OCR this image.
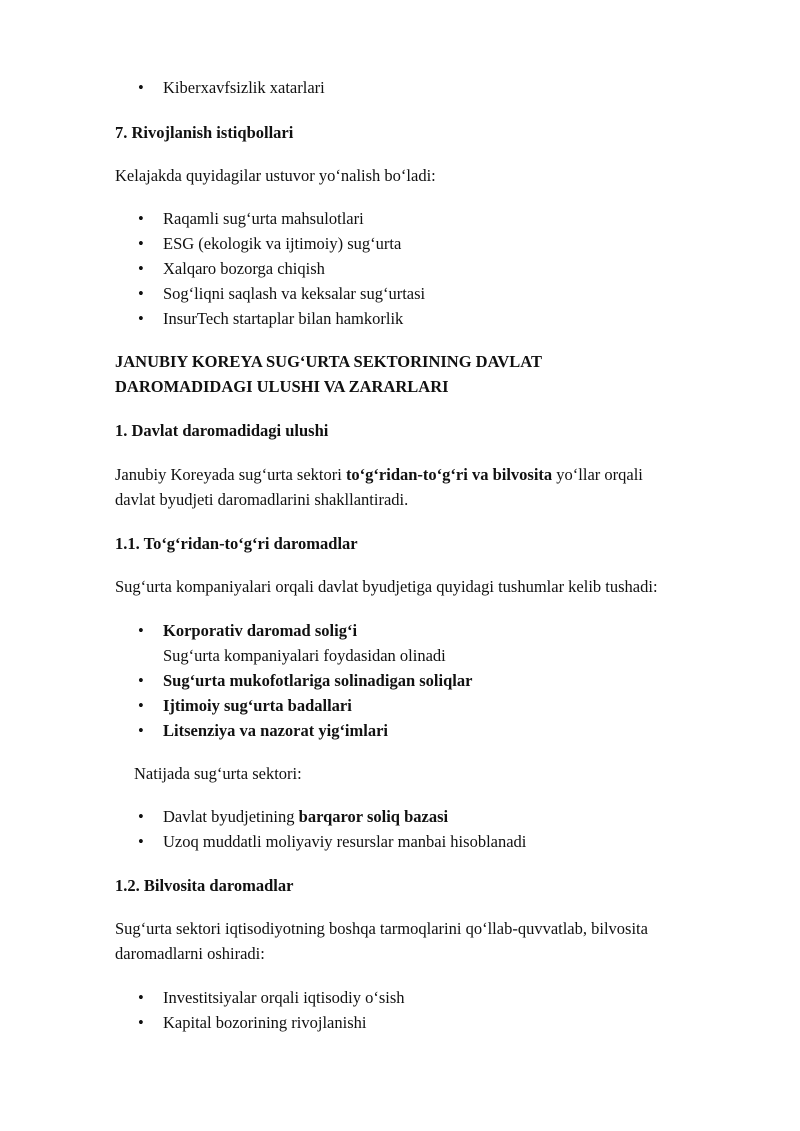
• Kiberxavfsizlik xatarlari

7. Rivojlanish istiqbollari

Kelajakda quyidagilar ustuvor yo‘nalish bo‘ladi:

• Raqamli sug‘urta mahsulotlari
• ESG (ekologik va ijtimoiy) sug‘urta
• Xalqaro bozorga chiqish
• Sog‘liqni saqlash va keksalar sug‘urtasi
• InsurTech startaplar bilan hamkorlik

JANUBIY KOREYA SUG‘URTA SEKTORINING DAVLAT
DAROMADIDAGI ULUSHI VA ZARARLARI

1. Davlat daromadidagi ulushi

Janubiy Koreyada sug‘urta sektori to‘g‘ridan-to‘g‘ri va bilvosita yo‘llar orqali
davlat byudjeti daromadlarini shakllantiradi.

1.1. To‘g‘ridan-to‘g‘ri daromadlar

Sug‘urta kompaniyalari orqali davlat byudjetiga quyidagi tushumlar kelib tushadi:

• Korporativ daromad solig‘i
Sug‘urta kompaniyalari foydasidan olinadi
• Sug‘urta mukofotlariga solinadigan soliqlar
• Ijtimoiy sug‘urta badallari
• Litsenziya va nazorat yig‘imlari

Natijada sug‘urta sektori:

• Davlat byudjetining barqaror soliq bazasi
• Uzoq muddatli moliyaviy resurslar manbai hisoblanadi

1.2. Bilvosita daromadlar

Sug‘urta sektori iqtisodiyotning boshqa tarmoqlarini qo‘llab-quvvatlab, bilvosita
daromadlarni oshiradi:

• Investitsiyalar orqali iqtisodiy o‘sish
• Kapital bozorining rivojlanishi
